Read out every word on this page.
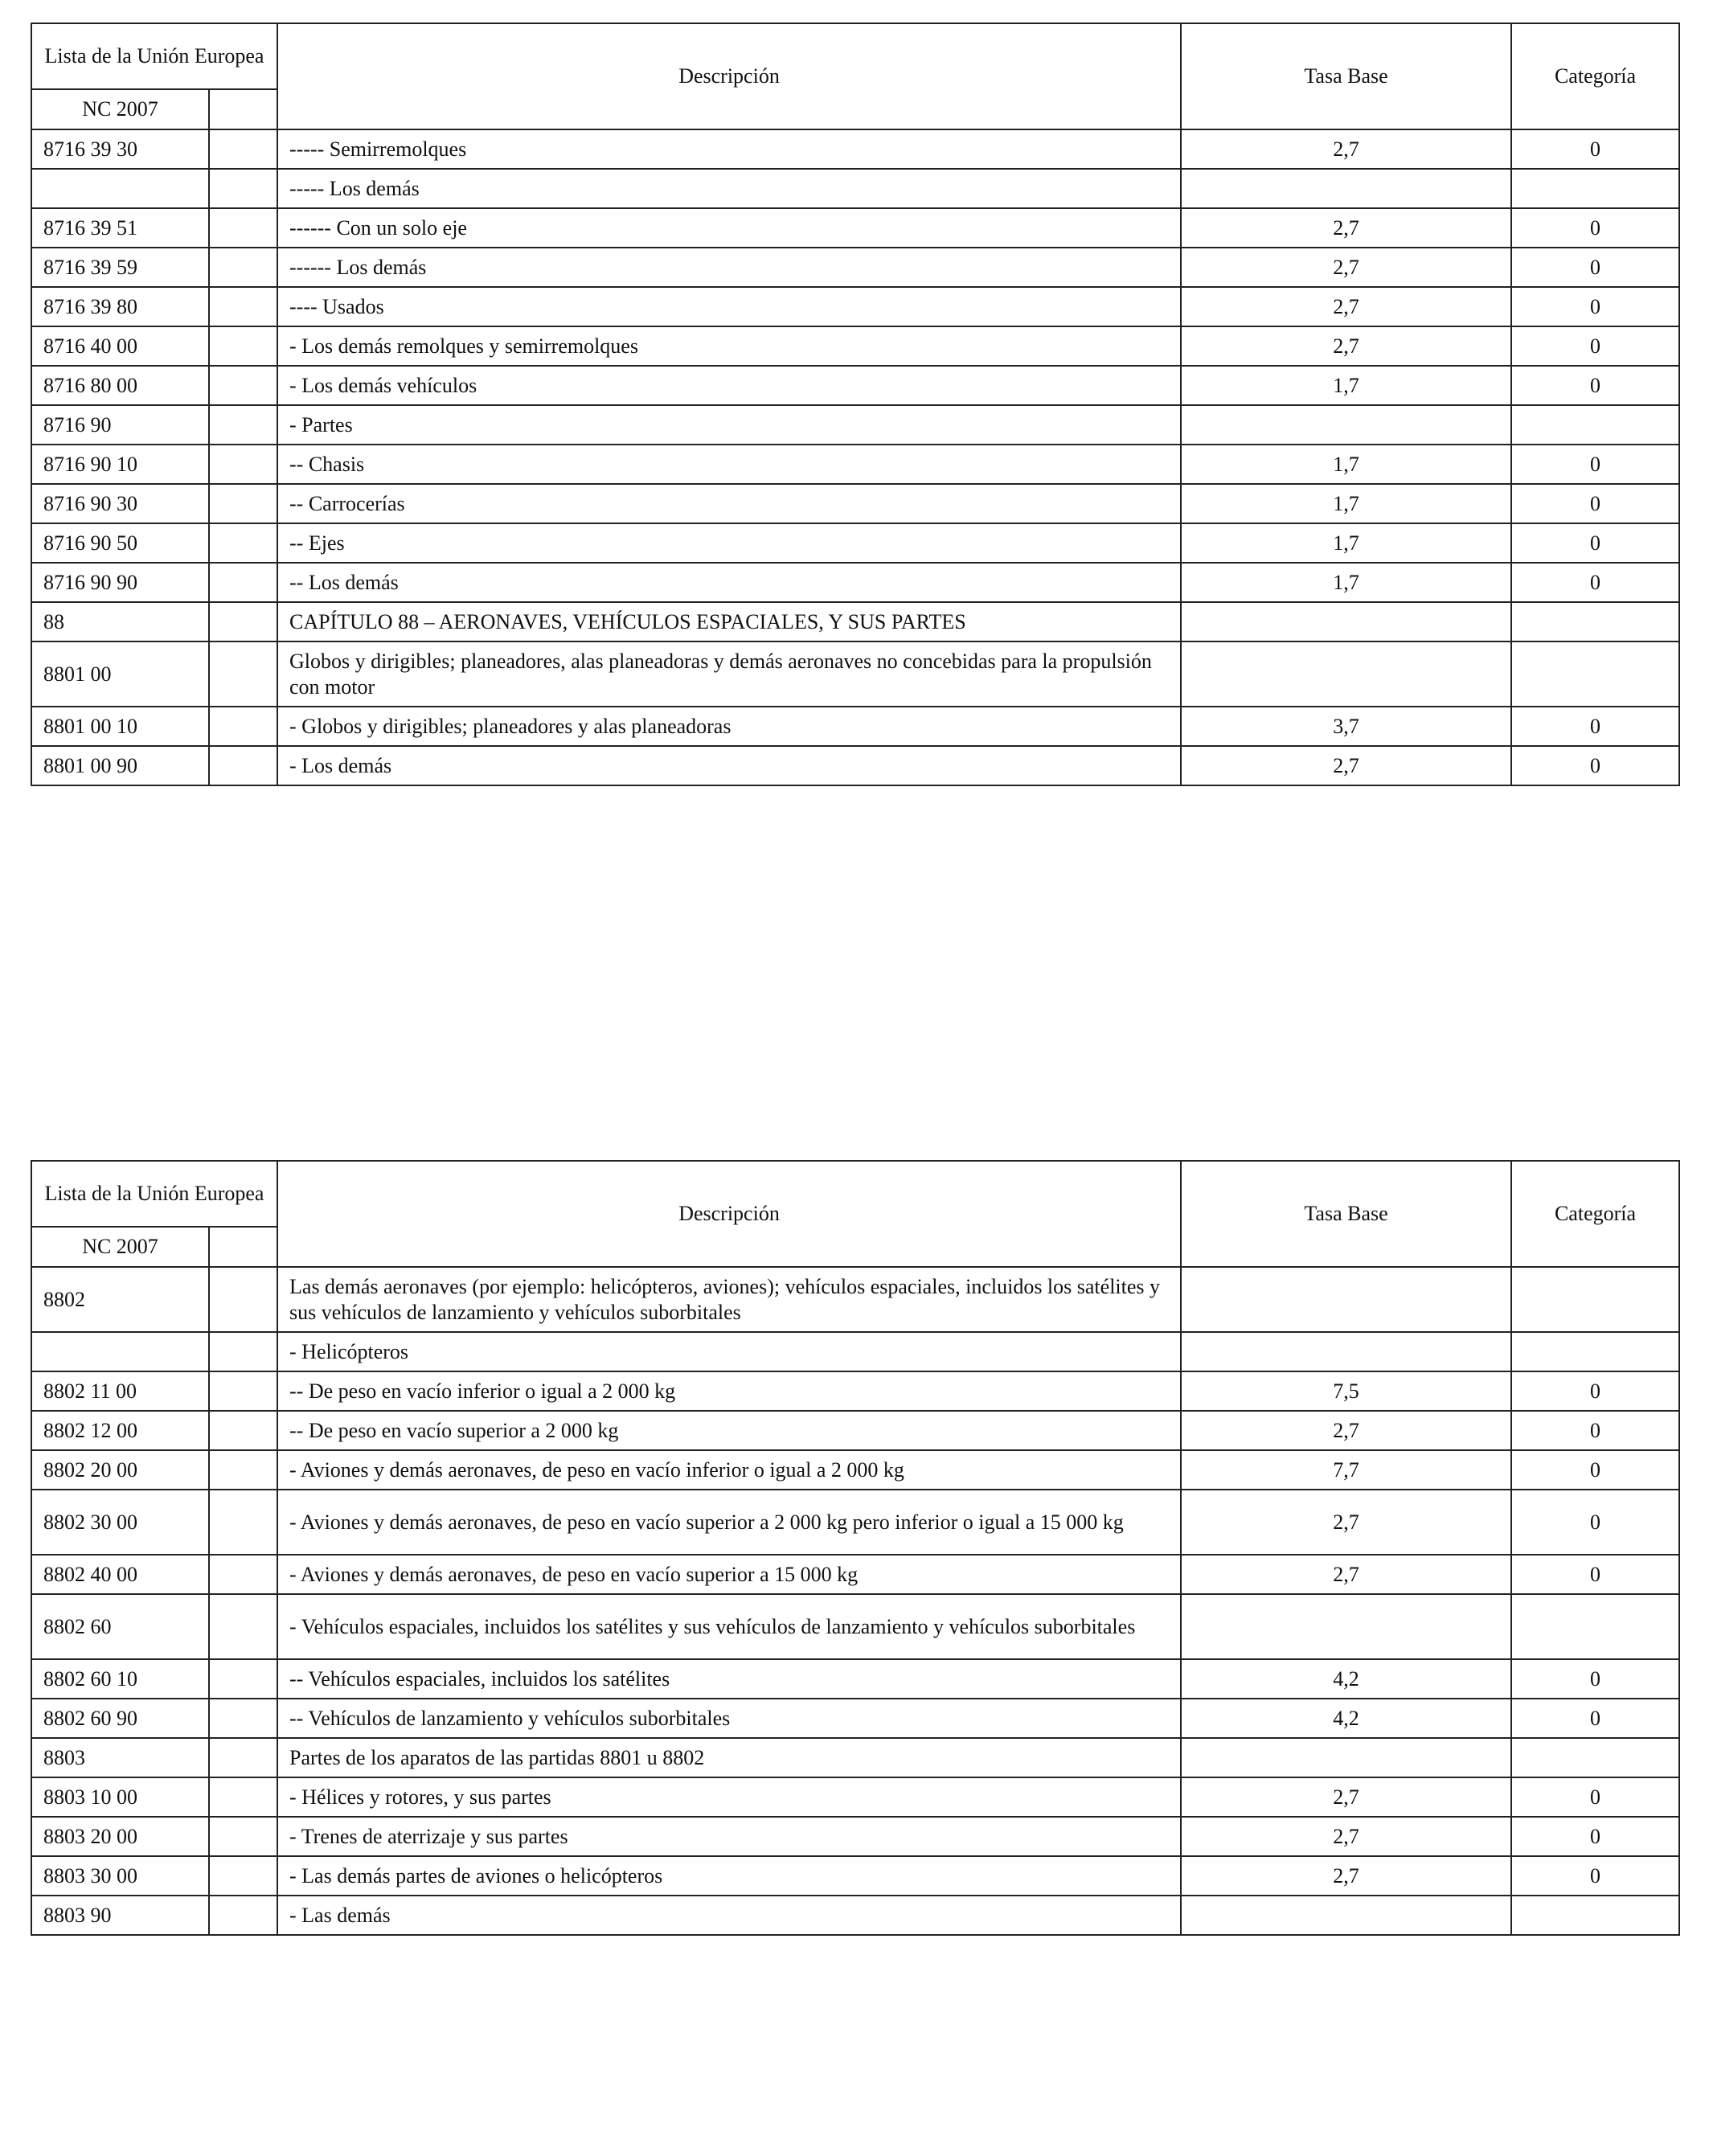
Lista de la Unión Europea		Descripción	Tasa Base	Categoría
NC 2007				
8716 39 30		----- Semirremolques	2,7	0
		----- Los demás		
8716 39 51		------ Con un solo eje	2,7	0
8716 39 59		------ Los demás	2,7	0
8716 39 80		---- Usados	2,7	0
8716 40 00		- Los demás remolques y semirremolques	2,7	0
8716 80 00		- Los demás vehículos	1,7	0
8716 90		- Partes		
8716 90 10		-- Chasis	1,7	0
8716 90 30		-- Carrocerías	1,7	0
8716 90 50		-- Ejes	1,7	0
8716 90 90		-- Los demás	1,7	0
88		CAPÍTULO 88 – AERONAVES, VEHÍCULOS ESPACIALES, Y SUS PARTES		
8801 00		Globos y dirigibles; planeadores, alas planeadoras y demás aeronaves no concebidas para la propulsión con motor		
8801 00 10		- Globos y dirigibles; planeadores y alas planeadoras	3,7	0
8801 00 90		- Los demás	2,7	0
Lista de la Unión Europea		Descripción	Tasa Base	Categoría
NC 2007				
8802		Las demás aeronaves (por ejemplo: helicópteros, aviones); vehículos espaciales, incluidos los satélites y sus vehículos de lanzamiento y vehículos suborbitales		
		- Helicópteros		
8802 11 00		-- De peso en vacío inferior o igual a 2 000 kg	7,5	0
8802 12 00		-- De peso en vacío superior a 2 000 kg	2,7	0
8802 20 00		- Aviones y demás aeronaves, de peso en vacío inferior o igual a 2 000 kg	7,7	0
8802 30 00		- Aviones y demás aeronaves, de peso en vacío superior a 2 000 kg pero inferior o igual a 15 000 kg	2,7	0
8802 40 00		- Aviones y demás aeronaves, de peso en vacío superior a 15 000 kg	2,7	0
8802 60		- Vehículos espaciales, incluidos los satélites y sus vehículos de lanzamiento y vehículos suborbitales		
8802 60 10		-- Vehículos espaciales, incluidos los satélites	4,2	0
8802 60 90		-- Vehículos de lanzamiento y vehículos suborbitales	4,2	0
8803		Partes de los aparatos de las partidas 8801 u 8802		
8803 10 00		- Hélices y rotores, y sus partes	2,7	0
8803 20 00		- Trenes de aterrizaje y sus partes	2,7	0
8803 30 00		- Las demás partes de aviones o helicópteros	2,7	0
8803 90		- Las demás		
